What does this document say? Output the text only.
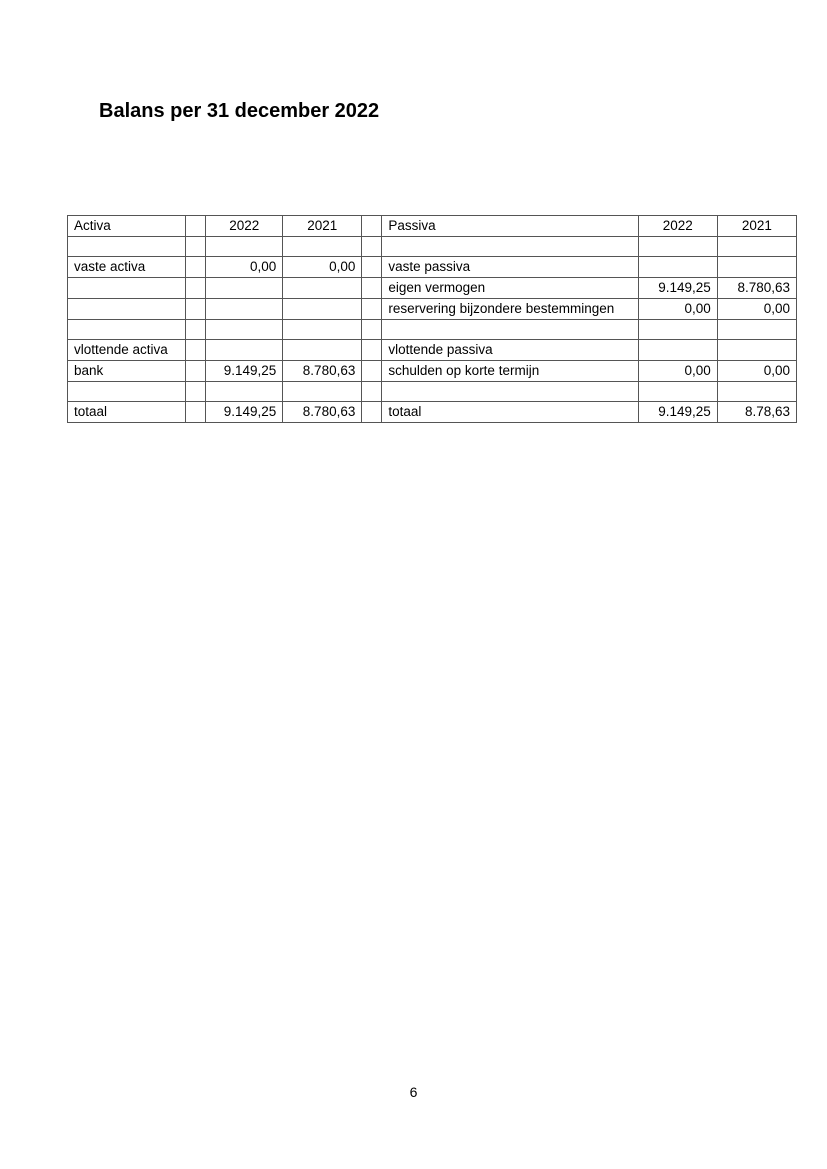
Balans per 31 december 2022
Activa		2022	2021		Passiva	2022	2021

vaste activa		0,00	0,00		vaste passiva		
					eigen vermogen	9.149,25	8.780,63
					reservering bijzondere bestemmingen	0,00	0,00

vlottende activa					vlottende passiva		
bank		9.149,25	8.780,63		schulden op korte termijn	0,00	0,00

totaal		9.149,25	8.780,63		totaal	9.149,25	8.78,63
6
